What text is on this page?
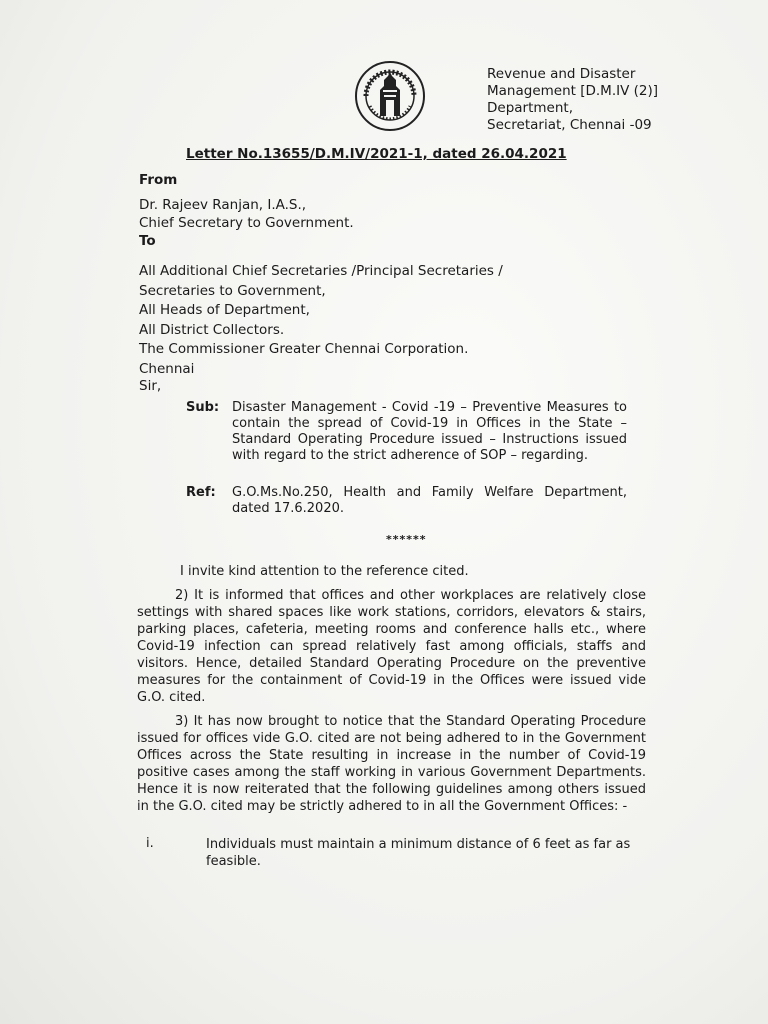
Revenue and Disaster
Management [D.M.IV (2)]
Department,
Secretariat, Chennai -09
Letter No.13655/D.M.IV/2021-1, dated 26.04.2021
From
Dr. Rajeev Ranjan, I.A.S.,
Chief Secretary to Government.
To
All Additional Chief Secretaries /Principal Secretaries /
Secretaries to Government,
All Heads of Department,
All District Collectors.
The Commissioner Greater Chennai Corporation.
Chennai
Sir,
Sub: Disaster Management - Covid -19 – Preventive Measures to contain the spread of Covid-19 in Offices in the State – Standard Operating Procedure issued – Instructions issued with regard to the strict adherence of SOP – regarding.
Ref: G.O.Ms.No.250, Health and Family Welfare Department, dated 17.6.2020.
******
I invite kind attention to the reference cited.
2) It is informed that offices and other workplaces are relatively close settings with shared spaces like work stations, corridors, elevators & stairs, parking places, cafeteria, meeting rooms and conference halls etc., where Covid-19 infection can spread relatively fast among officials, staffs and visitors. Hence, detailed Standard Operating Procedure on the preventive measures for the containment of Covid-19 in the Offices were issued vide G.O. cited.
3) It has now brought to notice that the Standard Operating Procedure issued for offices vide G.O. cited are not being adhered to in the Government Offices across the State resulting in increase in the number of Covid-19 positive cases among the staff working in various Government Departments. Hence it is now reiterated that the following guidelines among others issued in the G.O. cited may be strictly adhered to in all the Government Offices: -
i.	Individuals must maintain a minimum distance of 6 feet as far as feasible.
